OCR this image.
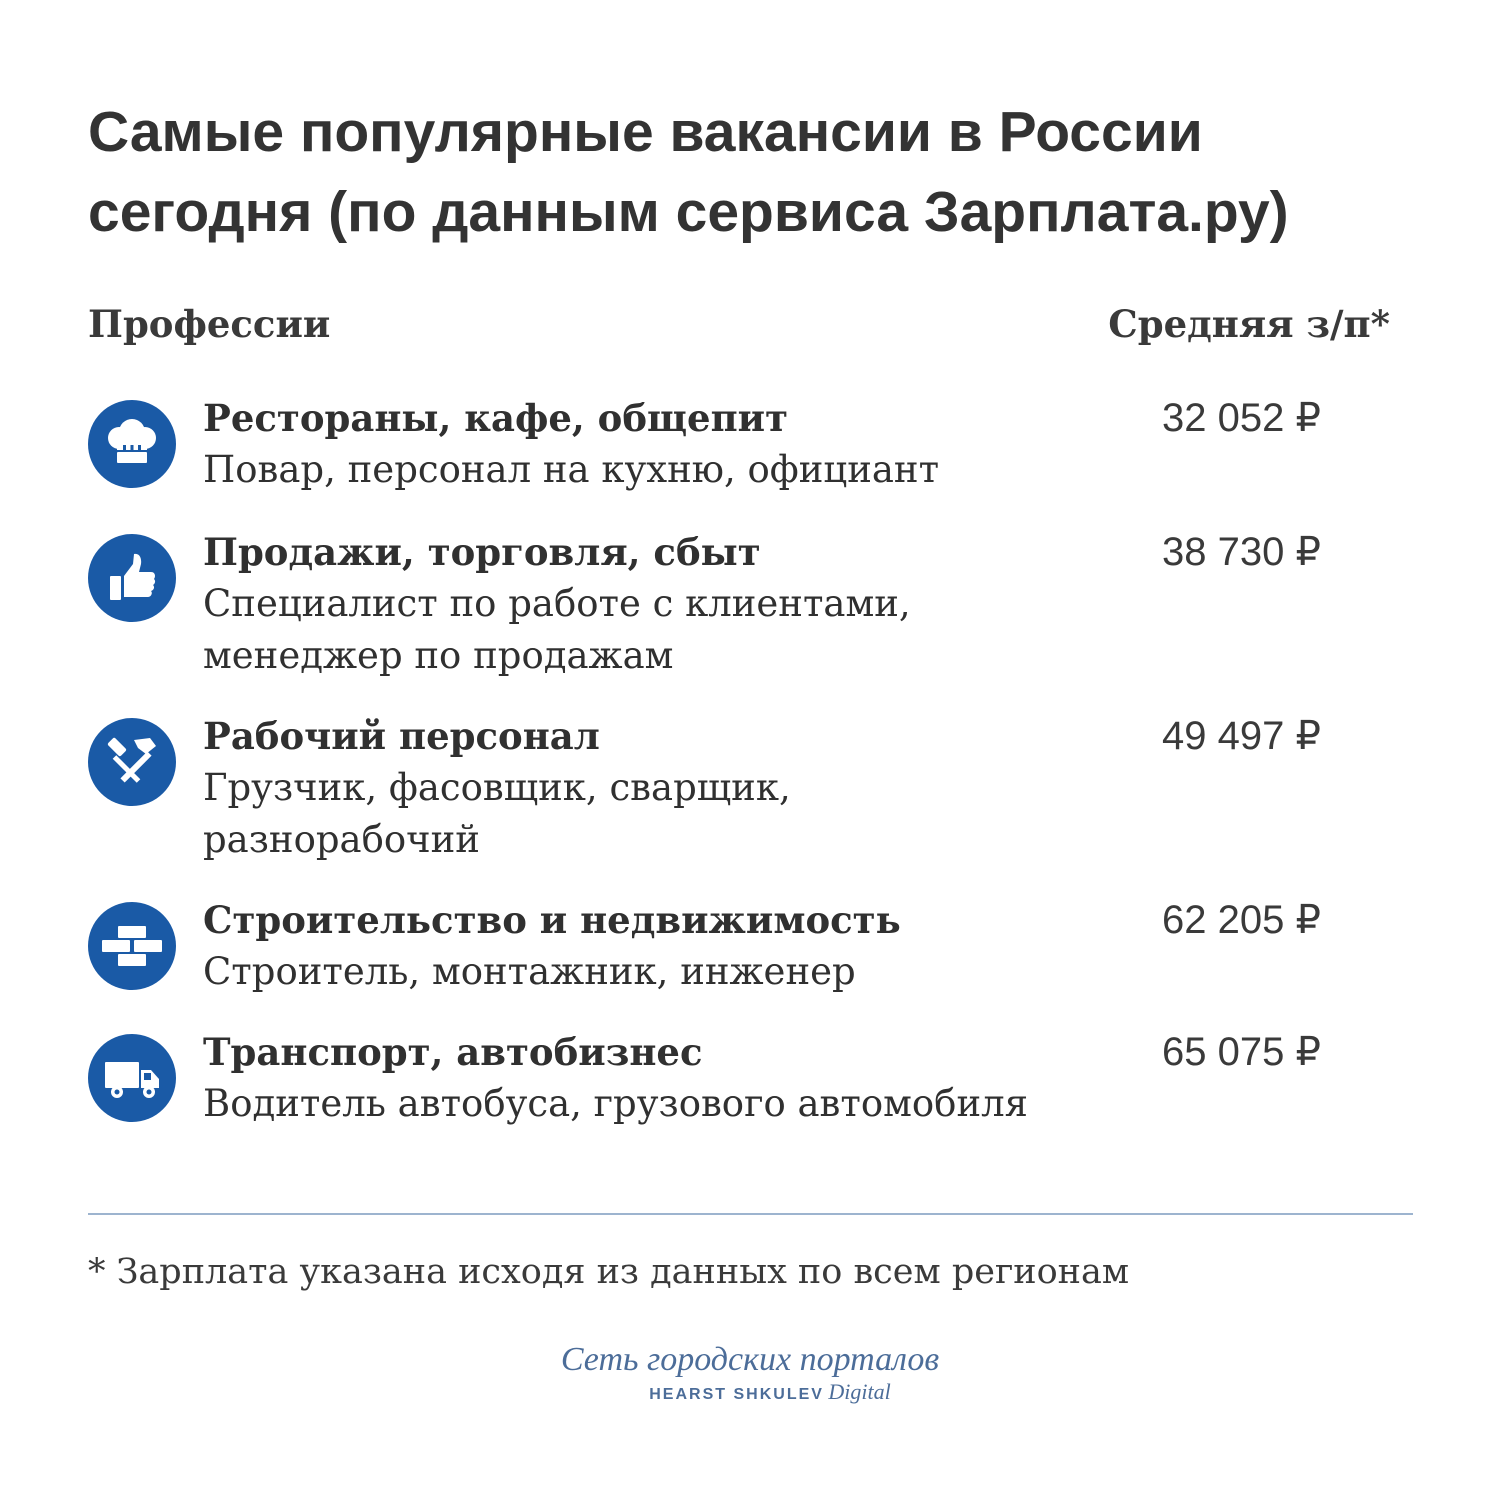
Самые популярные вакансии в России сегодня (по данным сервиса Зарплата.ру)
Профессии	Средняя з/п*
Рестораны, кафе, общепит
Повар, персонал на кухню, официант
32 052 ₽
Продажи, торговля, сбыт
Специалист по работе с клиентами, менеджер по продажам
38 730 ₽
Рабочий персонал
Грузчик, фасовщик, сварщик, разнорабочий
49 497 ₽
Строительство и недвижимость
Строитель, монтажник, инженер
62 205 ₽
Транспорт, автобизнес
Водитель автобуса, грузового автомобиля
65 075 ₽
* Зарплата указана исходя из данных по всем регионам
Сеть городских порталов
HEARST SHKULEV Digital
